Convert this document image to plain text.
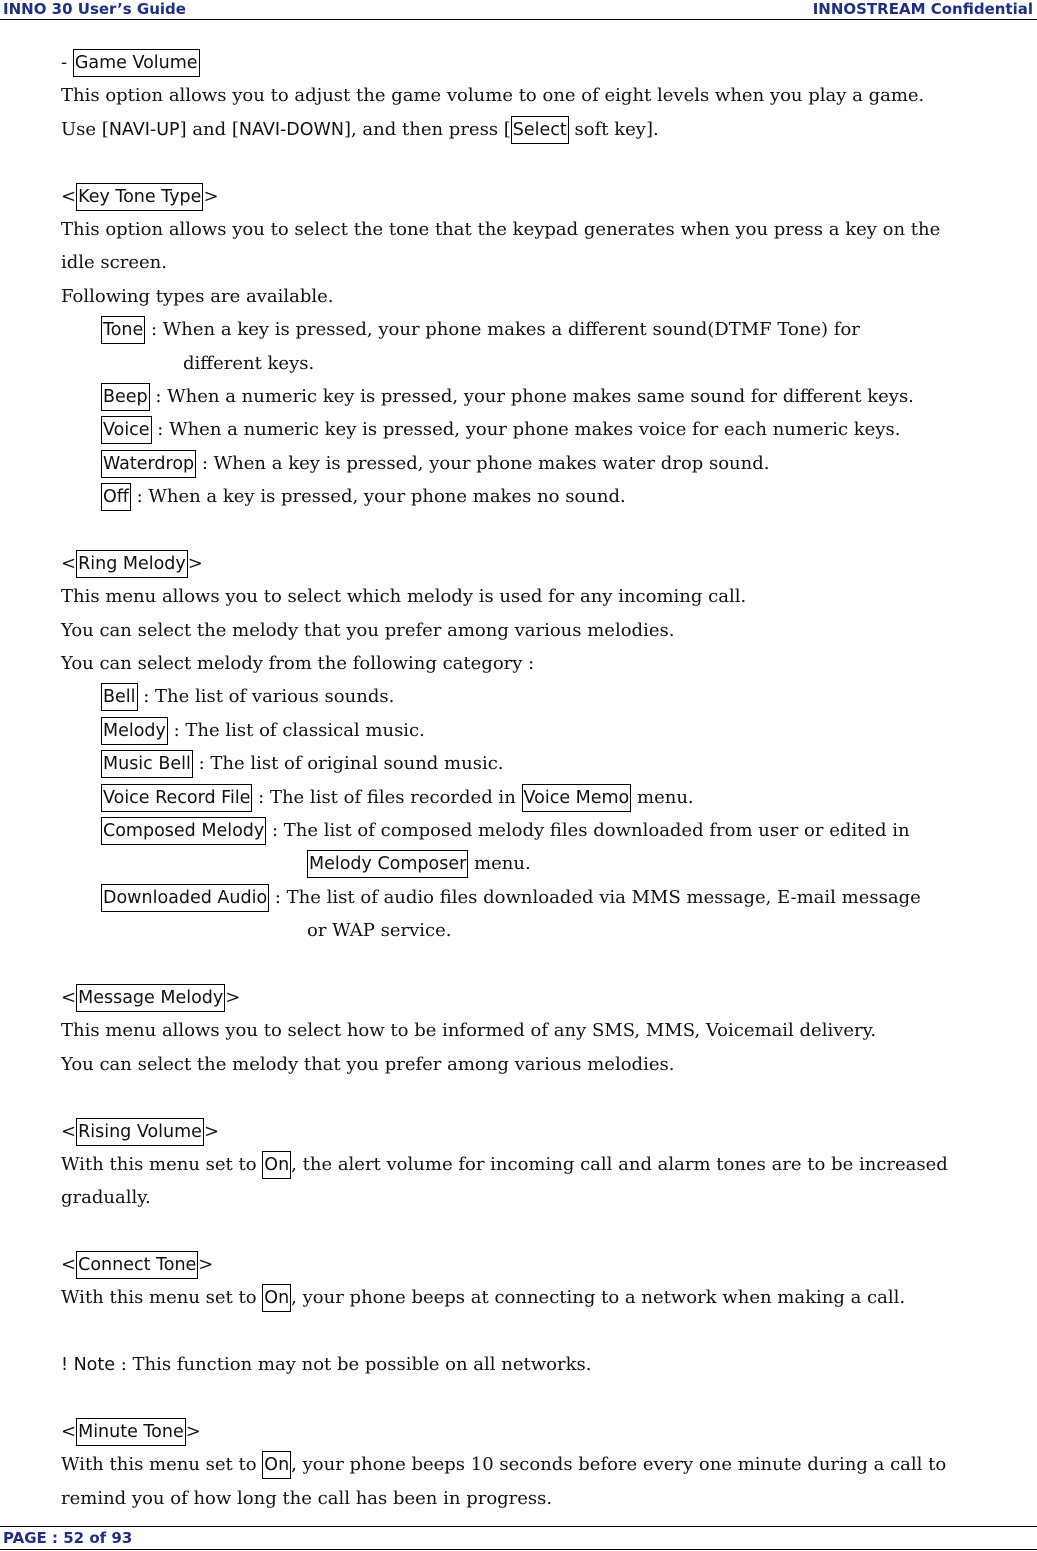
INNO 30 User’s Guide	INNOSTREAM Confidential
- Game Volume
This option allows you to adjust the game volume to one of eight levels when you play a game.
Use [NAVI-UP] and [NAVI-DOWN], and then press [ Select soft key].
< Key Tone Type >
This option allows you to select the tone that the keypad generates when you press a key on the
idle screen.
Following types are available.
Tone : When a key is pressed, your phone makes a different sound(DTMF Tone) for
different keys.
Beep : When a numeric key is pressed, your phone makes same sound for different keys.
Voice : When a numeric key is pressed, your phone makes voice for each numeric keys.
Waterdrop : When a key is pressed, your phone makes water drop sound.
Off : When a key is pressed, your phone makes no sound.
< Ring Melody >
This menu allows you to select which melody is used for any incoming call.
You can select the melody that you prefer among various melodies.
You can select melody from the following category :
Bell : The list of various sounds.
Melody : The list of classical music.
Music Bell : The list of original sound music.
Voice Record File : The list of files recorded in Voice Memo menu.
Composed Melody : The list of composed melody files downloaded from user or edited in
Melody Composer menu.
Downloaded Audio : The list of audio files downloaded via MMS message, E-mail message
or WAP service.
< Message Melody >
This menu allows you to select how to be informed of any SMS, MMS, Voicemail delivery.
You can select the melody that you prefer among various melodies.
< Rising Volume >
With this menu set to On , the alert volume for incoming call and alarm tones are to be increased
gradually.
< Connect Tone >
With this menu set to On , your phone beeps at connecting to a network when making a call.
! Note : This function may not be possible on all networks.
< Minute Tone >
With this menu set to On , your phone beeps 10 seconds before every one minute during a call to
remind you of how long the call has been in progress.
PAGE : 52 of 93
